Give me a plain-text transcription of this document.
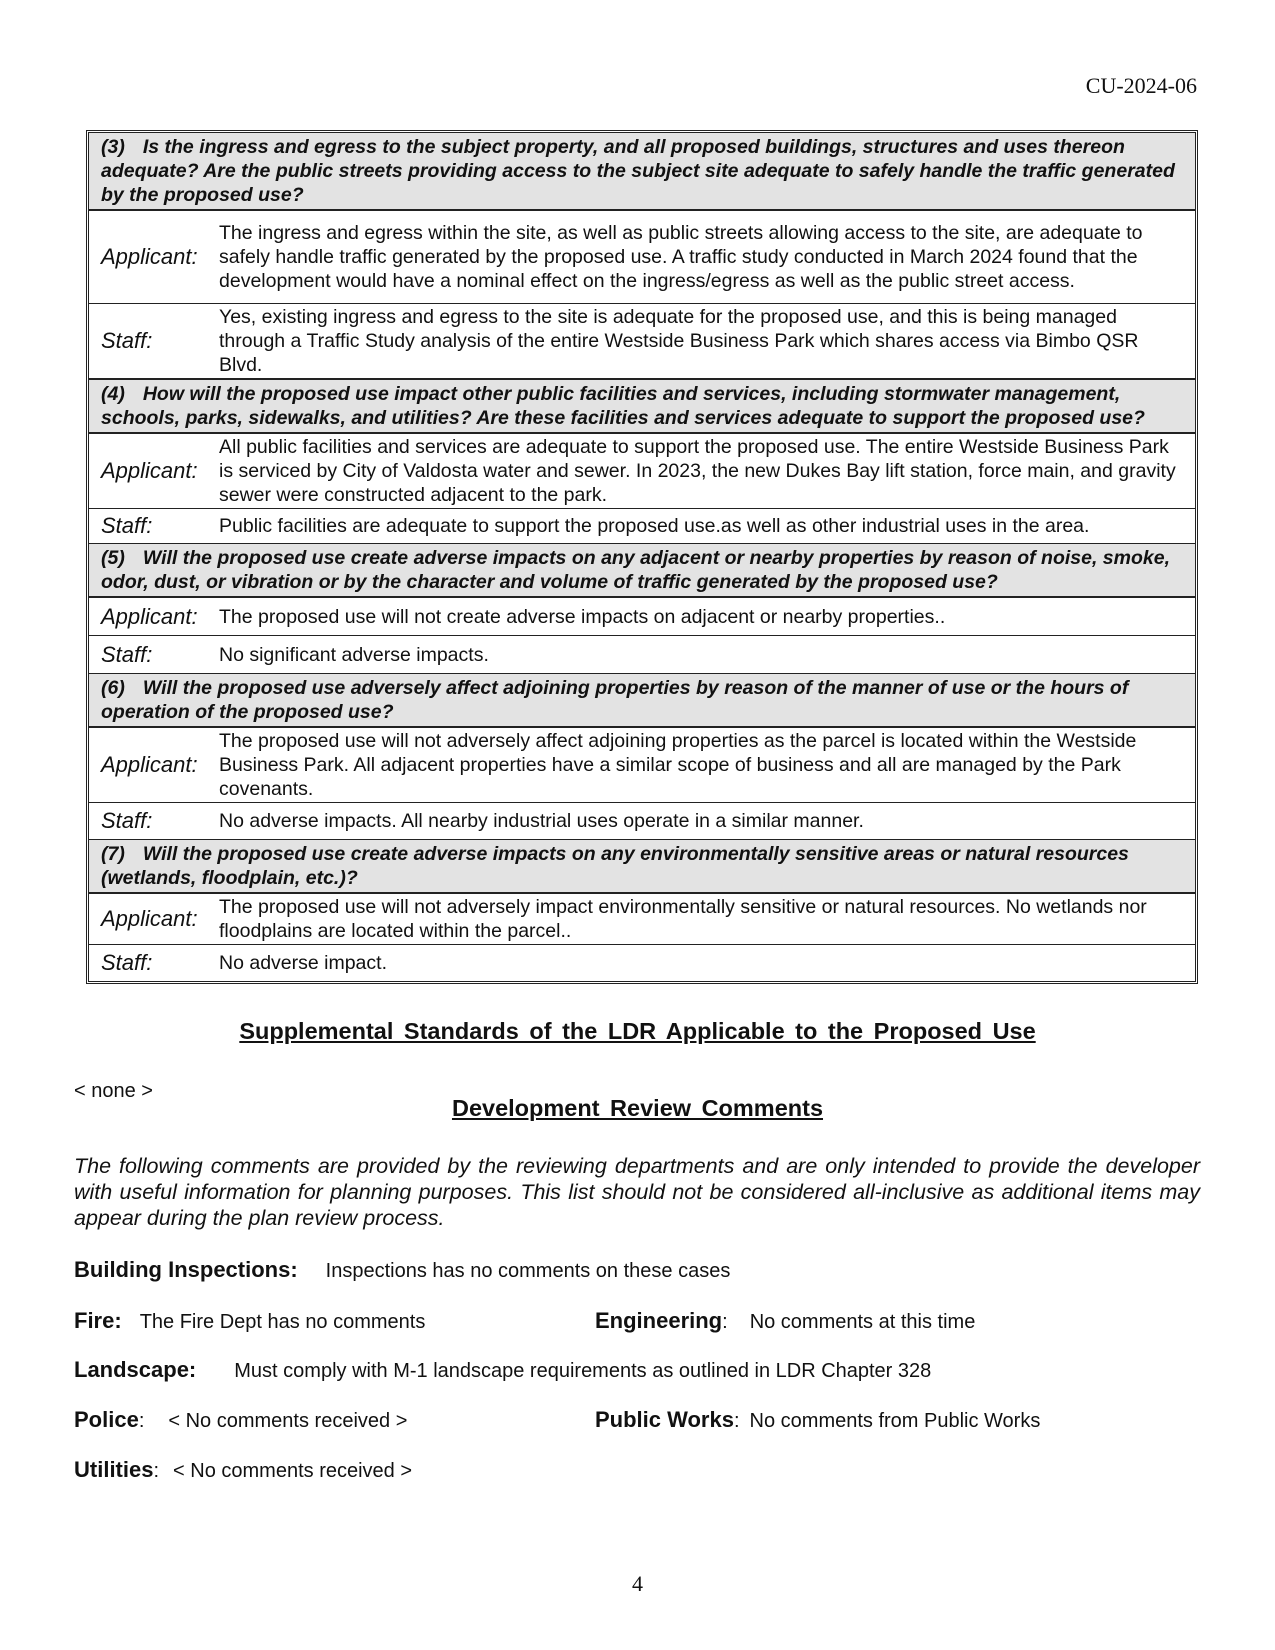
CU-2024-06
(3) Is the ingress and egress to the subject property, and all proposed buildings, structures and uses thereon adequate? Are the public streets providing access to the subject site adequate to safely handle the traffic generated by the proposed use?
Applicant:
The ingress and egress within the site, as well as public streets allowing access to the site, are adequate to safely handle traffic generated by the proposed use. A traffic study conducted in March 2024 found that the development would have a nominal effect on the ingress/egress as well as the public street access.
Staff:
Yes, existing ingress and egress to the site is adequate for the proposed use, and this is being managed through a Traffic Study analysis of the entire Westside Business Park which shares access via Bimbo QSR Blvd.
(4) How will the proposed use impact other public facilities and services, including stormwater management, schools, parks, sidewalks, and utilities? Are these facilities and services adequate to support the proposed use?
Applicant:
All public facilities and services are adequate to support the proposed use. The entire Westside Business Park is serviced by City of Valdosta water and sewer. In 2023, the new Dukes Bay lift station, force main, and gravity sewer were constructed adjacent to the park.
Staff:	Public facilities are adequate to support the proposed use.as well as other industrial uses in the area.
(5) Will the proposed use create adverse impacts on any adjacent or nearby properties by reason of noise, smoke, odor, dust, or vibration or by the character and volume of traffic generated by the proposed use?
Applicant:	The proposed use will not create adverse impacts on adjacent or nearby properties..
Staff:	No significant adverse impacts.
(6) Will the proposed use adversely affect adjoining properties by reason of the manner of use or the hours of operation of the proposed use?
Applicant:
The proposed use will not adversely affect adjoining properties as the parcel is located within the Westside Business Park. All adjacent properties have a similar scope of business and all are managed by the Park covenants.
Staff:	No adverse impacts. All nearby industrial uses operate in a similar manner.
(7) Will the proposed use create adverse impacts on any environmentally sensitive areas or natural resources (wetlands, floodplain, etc.)?
Applicant:	The proposed use will not adversely impact environmentally sensitive or natural resources. No wetlands nor floodplains are located within the parcel..
Staff:	No adverse impact.
Supplemental Standards of the LDR Applicable to the Proposed Use
< none >
Development Review Comments
The following comments are provided by the reviewing departments and are only intended to provide the developer with useful information for planning purposes. This list should not be considered all-inclusive as additional items may appear during the plan review process.
Building Inspections: Inspections has no comments on these cases
Fire: The Fire Dept has no comments	Engineering: No comments at this time
Landscape: Must comply with M-1 landscape requirements as outlined in LDR Chapter 328
Police: < No comments received >	Public Works: No comments from Public Works
Utilities: < No comments received >
4
